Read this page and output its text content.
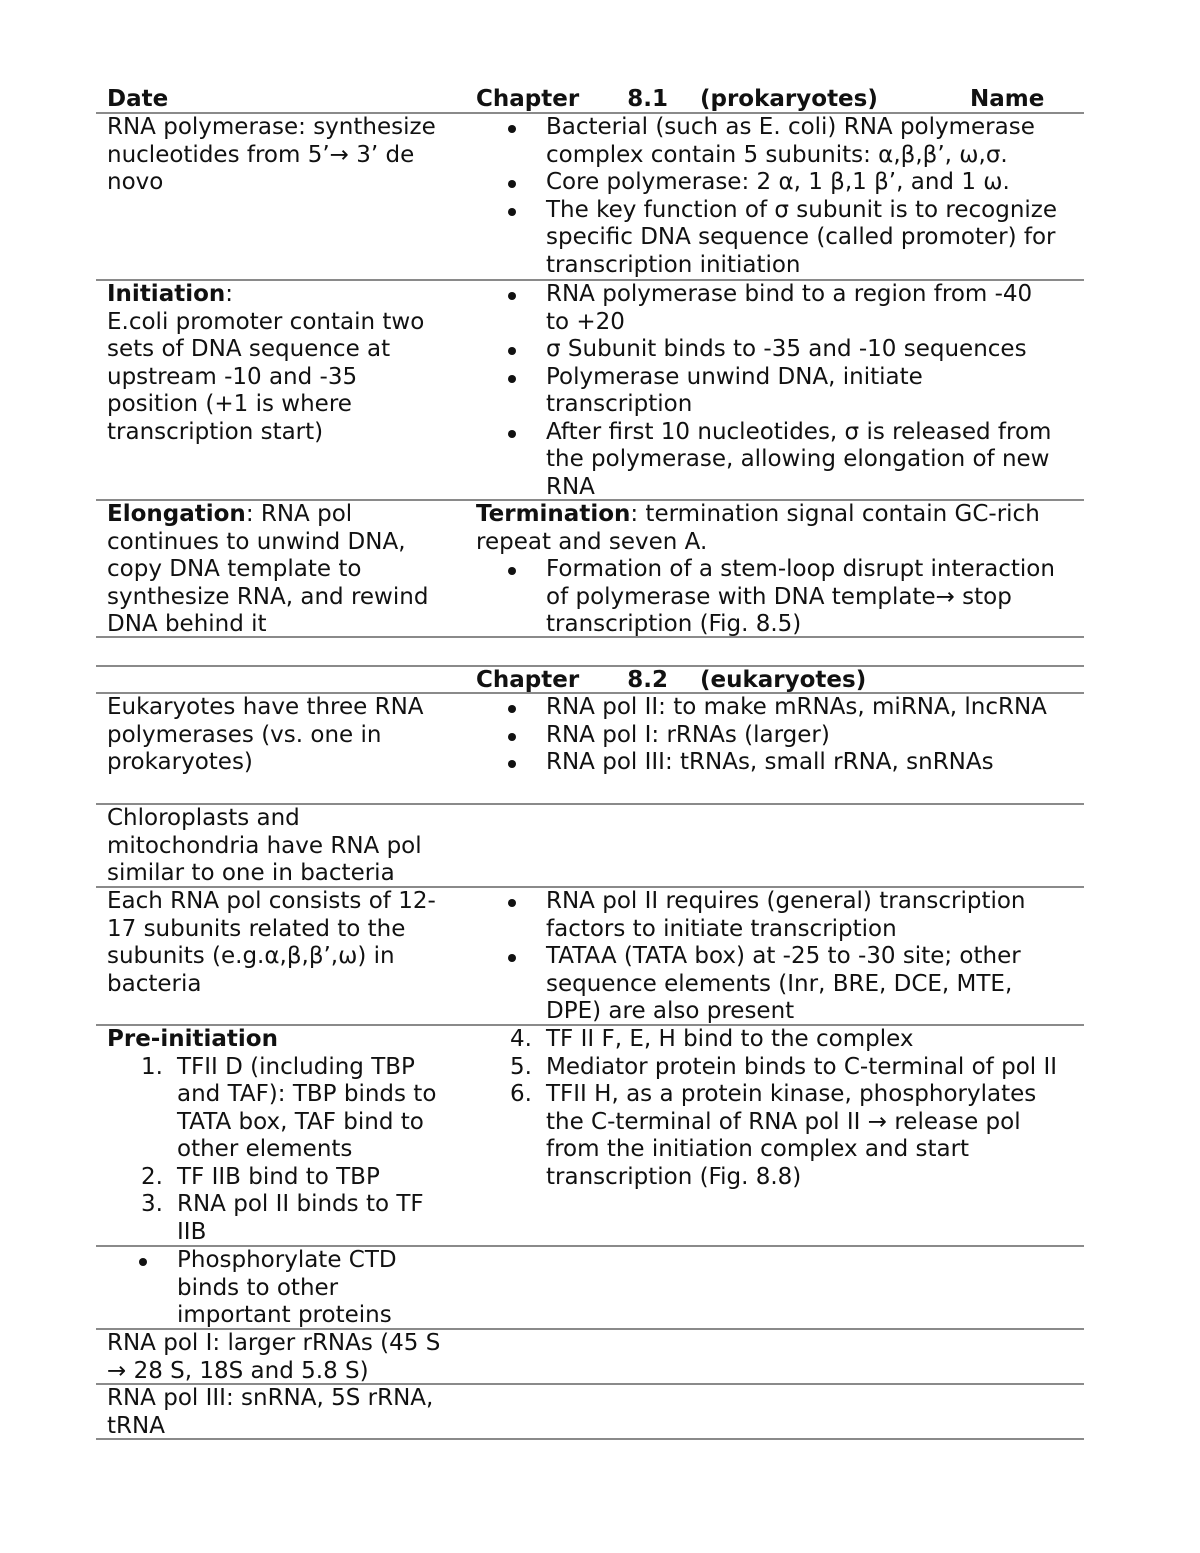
Date	Chapter      8.1    (prokaryotes)	Name
RNA polymerase: synthesize
nucleotides from 5’→ 3’ de
novo
Bacterial (such as E. coli) RNA polymerase
complex contain 5 subunits: α,β,β’, ω,σ.
Core polymerase: 2 α, 1 β,1 β’, and 1 ω.
The key function of σ subunit is to recognize
specific DNA sequence (called promoter) for
transcription initiation
Initiation:
E.coli promoter contain two
sets of DNA sequence at
upstream -10 and -35
position (+1 is where
transcription start)
RNA polymerase bind to a region from -40
to +20
σ Subunit binds to -35 and -10 sequences
Polymerase unwind DNA, initiate
transcription
After first 10 nucleotides, σ is released from
the polymerase, allowing elongation of new
RNA
Elongation: RNA pol
continues to unwind DNA,
copy DNA template to
synthesize RNA, and rewind
DNA behind it
Termination: termination signal contain GC-rich
repeat and seven A.
Formation of a stem-loop disrupt interaction
of polymerase with DNA template→ stop
transcription (Fig. 8.5)
Chapter      8.2    (eukaryotes)
Eukaryotes have three RNA
polymerases (vs. one in
prokaryotes)
RNA pol II: to make mRNAs, miRNA, lncRNA
RNA pol I: rRNAs (larger)
RNA pol III: tRNAs, small rRNA, snRNAs
Chloroplasts and
mitochondria have RNA pol
similar to one in bacteria
Each RNA pol consists of 12-
17 subunits related to the
subunits (e.g.α,β,β’,ω) in
bacteria
RNA pol II requires (general) transcription
factors to initiate transcription
TATAA (TATA box) at -25 to -30 site; other
sequence elements (Inr, BRE, DCE, MTE,
DPE) are also present
Pre-initiation
1. TFII D (including TBP
and TAF): TBP binds to
TATA box, TAF bind to
other elements
2. TF IIB bind to TBP
3. RNA pol II binds to TF
IIB
4. TF II F, E, H bind to the complex
5. Mediator protein binds to C-terminal of pol II
6. TFII H, as a protein kinase, phosphorylates
the C-terminal of RNA pol II → release pol
from the initiation complex and start
transcription (Fig. 8.8)
Phosphorylate CTD
binds to other
important proteins
RNA pol I: larger rRNAs (45 S
→ 28 S, 18S and 5.8 S)
RNA pol III: snRNA, 5S rRNA,
tRNA
